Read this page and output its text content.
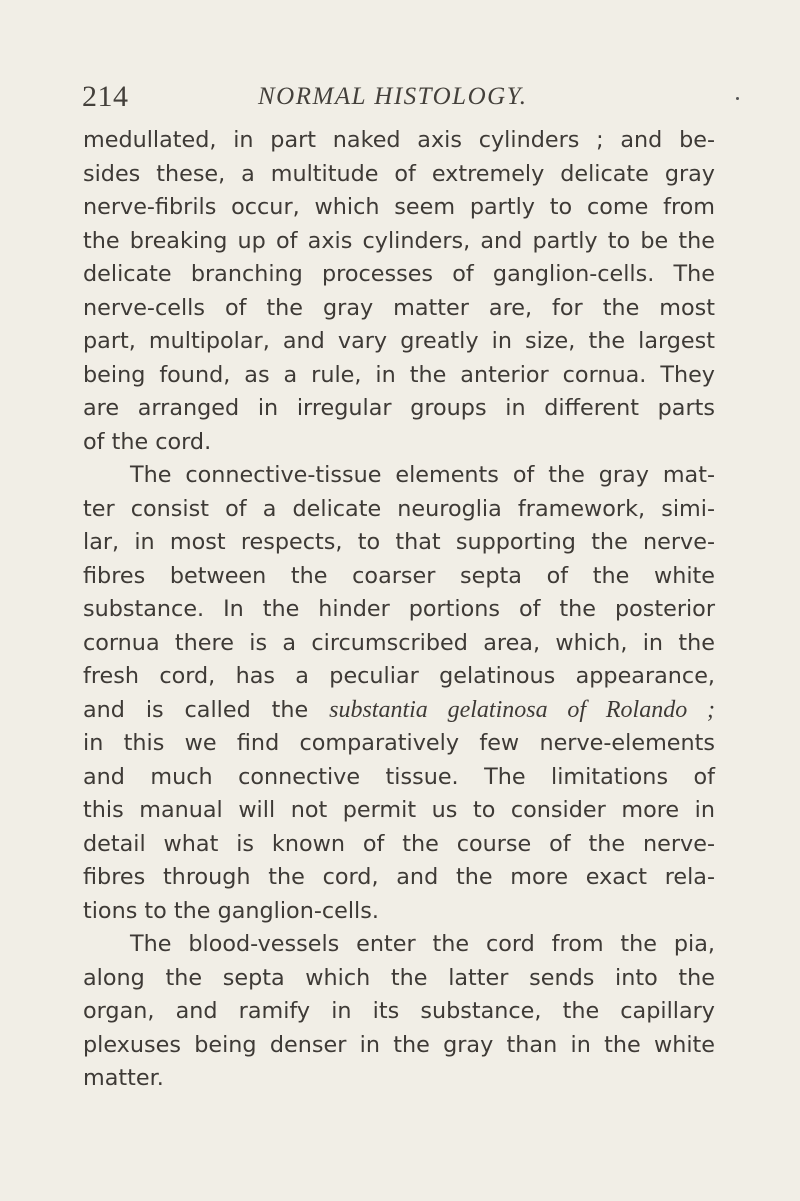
214	NORMAL HISTOLOGY.
medullated, in part naked axis cylinders ; and be-
sides these, a multitude of extremely delicate gray
nerve-fibrils occur, which seem partly to come from
the breaking up of axis cylinders, and partly to be the
delicate branching processes of ganglion-cells. The
nerve-cells of the gray matter are, for the most
part, multipolar, and vary greatly in size, the largest
being found, as a rule, in the anterior cornua. They
are arranged in irregular groups in different parts
of the cord.
The connective-tissue elements of the gray mat-
ter consist of a delicate neuroglia framework, simi-
lar, in most respects, to that supporting the nerve-
fibres between the coarser septa of the white
substance. In the hinder portions of the posterior
cornua there is a circumscribed area, which, in the
fresh cord, has a peculiar gelatinous appearance,
and is called the substantia gelatinosa of Rolando ;
in this we find comparatively few nerve-elements
and much connective tissue. The limitations of
this manual will not permit us to consider more in
detail what is known of the course of the nerve-
fibres through the cord, and the more exact rela-
tions to the ganglion-cells.
The blood-vessels enter the cord from the pia,
along the septa which the latter sends into the
organ, and ramify in its substance, the capillary
plexuses being denser in the gray than in the white
matter.
